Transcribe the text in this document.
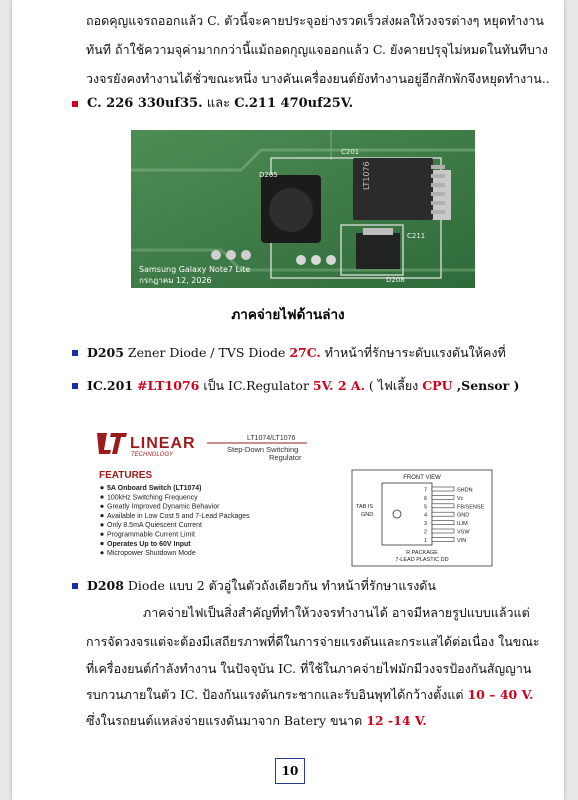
ถอดคุญแจรถออกแล้ว C. ตัวนี้จะคายประจุอย่างรวดเร็วส่งผลให้วงจรต่างๆ หยุดทำงาน
ทันที ถ้าใช้ความจุค่ามากกว่านี้แม้ถอดกุญแจออกแล้ว C. ยังคายปรุจุไม่หมดในทันทีบาง
วงจรยังคงทำงานได้ชั่วขณะหนึ่ง บางคันเครื่องยนต์ยังทำงานอยู่อีกสักพักจึงหยุดทำงาน..
C. 226 330uf35. และ C.211 470uf25V.
D205
C201
C211
D208
LT1076
Samsung Galaxy Note7 Lite
กรกฎาคม 12, 2026
ภาคจ่ายไฟด้านล่าง
D205 Zener Diode / TVS Diode 27C. ทำหน้าที่รักษาระดับแรงดันให้คงที่
IC.201 #LT1076 เป็น IC.Regulator 5V. 2 A. ( ไฟเลี้ยง CPU ,Sensor )
LINEAR
TECHNOLOGY
LT1074/LT1076
Step-Down Switching
Regulator
FEATURES
5A Onboard Switch (LT1074)
100kHz Switching Frequency
Greatly Improved Dynamic Behavior
Available in Low Cost 5 and 7-Lead Packages
Only 8.5mA Quiescent Current
Programmable Current Limit
Operates Up to 60V Input
Micropower Shutdown Mode
FRONT VIEW
TAB IS
GND
7	SHDN
6	Vc
5	FB/SENSE
4	GND
3	ILIM
2	VSW
1	VIN
R PACKAGE
7-LEAD PLASTIC DD
D208 Diode แบบ 2 ตัวอู่ในตัวถังเดียวกัน ทำหน้าที่รักษาแรงดัน
ภาคจ่ายไฟเป็นสิ่งสำคัญที่ทำให้วงจรทำงานได้ อาจมีหลายรูปแบบแล้วแต่
การจัดวงจรแต่จะต้องมีเสถียรภาพที่ดีในการจ่ายแรงดันและกระแสได้ต่อเนื่อง ในขณะ
ที่เครื่องยนต์กำลังทำงาน ในปัจจุบัน IC. ที่ใช้ในภาคจ่ายไฟมักมีวงจรป้องกันสัญญาน
รบกวนภายในตัว IC. ป้องกันแรงดันกระชากและรับอินพุทได้กว้างตั้งแต่ 10 – 40 V.
ซึ่งในรถยนต์แหล่งจ่ายแรงดันมาจาก Batery ขนาด 12 -14 V.
10
